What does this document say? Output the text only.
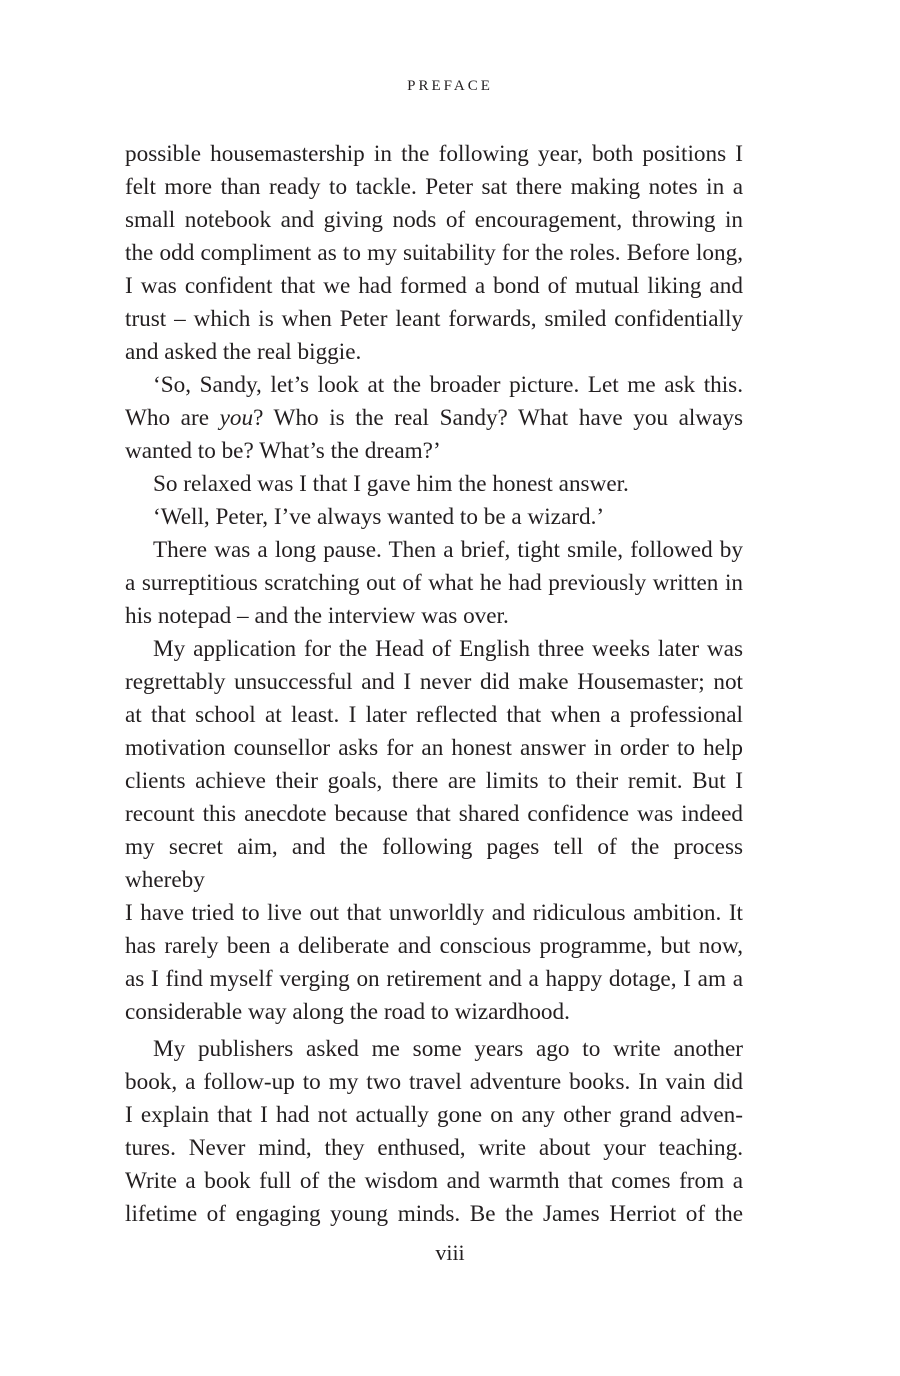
PREFACE

possible housemastership in the following year, both positions I

felt more than ready to tackle. Peter sat there making notes in a

small notebook and giving nods of encouragement, throwing in

the odd compliment as to my suitability for the roles. Before long,

I was confident that we had formed a bond of mutual liking and

trust – which is when Peter leant forwards, smiled confidentially

and asked the real biggie.

‘So, Sandy, let’s look at the broader picture. Let me ask this.

Who are you? Who is the real Sandy? What have you always

wanted to be? What’s the dream?’

So relaxed was I that I gave him the honest answer.

‘Well, Peter, I’ve always wanted to be a wizard.’

There was a long pause. Then a brief, tight smile, followed by

a surreptitious scratching out of what he had previously written in

his notepad – and the interview was over.

My application for the Head of English three weeks later was

regrettably unsuccessful and I never did make Housemaster; not

at that school at least. I later reflected that when a professional

motivation counsellor asks for an honest answer in order to help

clients achieve their goals, there are limits to their remit. But I

recount this anecdote because that shared confidence was indeed

my secret aim, and the following pages tell of the process whereby

I have tried to live out that unworldly and ridiculous ambition. It

has rarely been a deliberate and conscious programme, but now,

as I find myself verging on retirement and a happy dotage, I am a

considerable way along the road to wizardhood.

My publishers asked me some years ago to write another

book, a follow-up to my two travel adventure books. In vain did

I explain that I had not actually gone on any other grand adven-

tures. Never mind, they enthused, write about your teaching.

Write a book full of the wisdom and warmth that comes from a

lifetime of engaging young minds. Be the James Herriot of the

viii
